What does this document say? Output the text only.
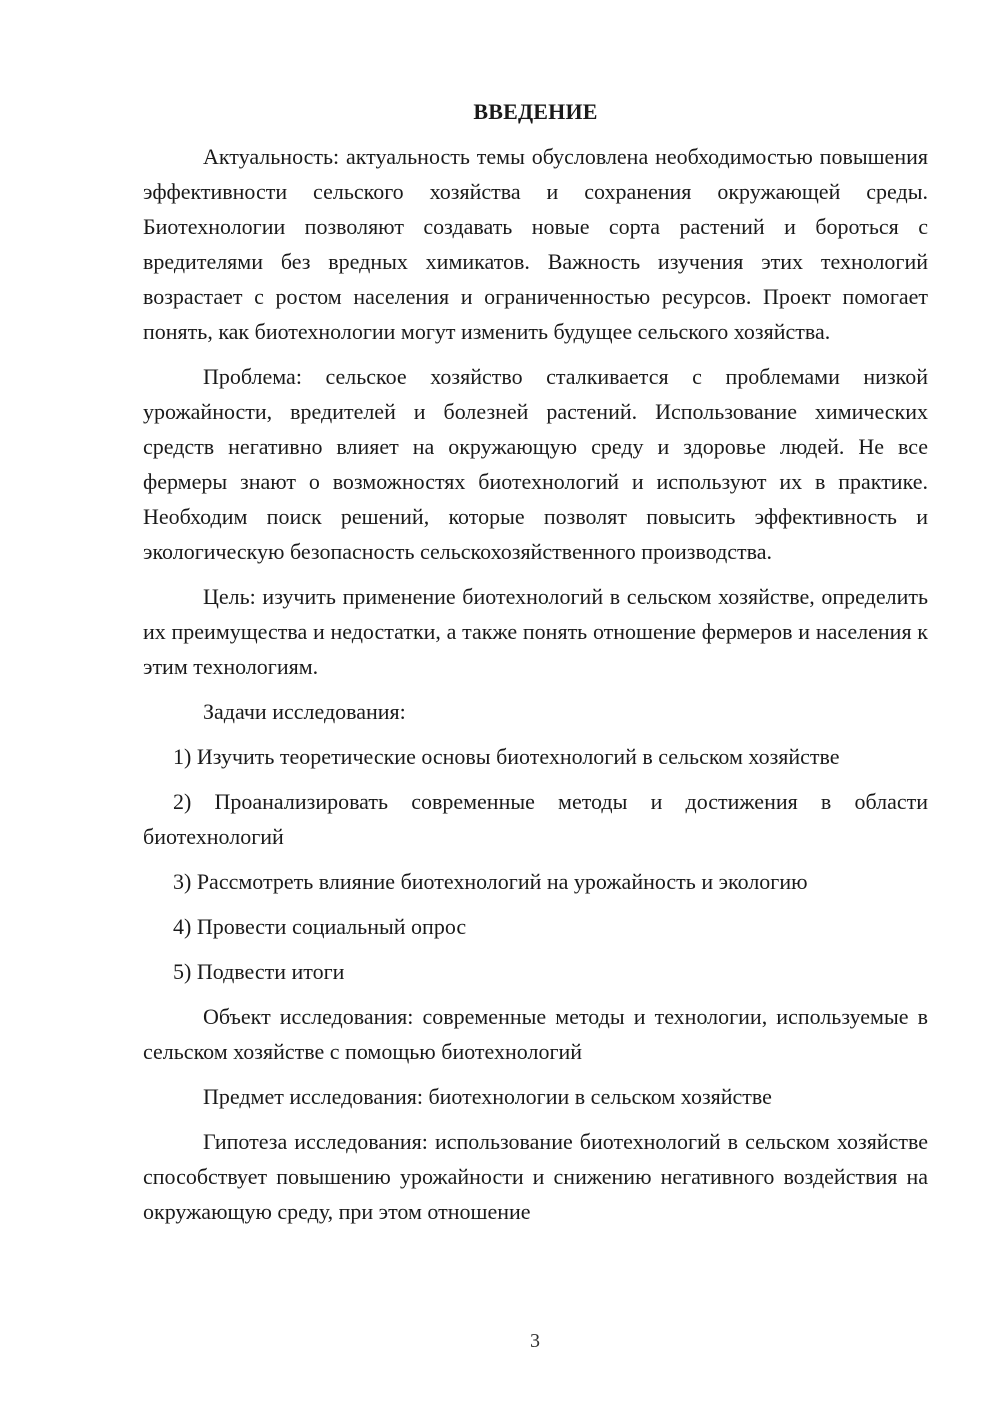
ВВЕДЕНИЕ

Актуальность: актуальность темы обусловлена необходимостью повышения эффективности сельского хозяйства и сохранения окружающей среды. Биотехнологии позволяют создавать новые сорта растений и бороться с вредителями без вредных химикатов. Важность изучения этих технологий возрастает с ростом населения и ограниченностью ресурсов. Проект помогает понять, как биотехнологии могут изменить будущее сельского хозяйства.

Проблема: сельское хозяйство сталкивается с проблемами низкой урожайности, вредителей и болезней растений. Использование химических средств негативно влияет на окружающую среду и здоровье людей. Не все фермеры знают о возможностях биотехнологий и используют их в практике. Необходим поиск решений, которые позволят повысить эффективность и экологическую безопасность сельскохозяйственного производства.

Цель: изучить применение биотехнологий в сельском хозяйстве, определить их преимущества и недостатки, а также понять отношение фермеров и населения к этим технологиям.

Задачи исследования:

1) Изучить теоретические основы биотехнологий в сельском хозяйстве

2) Проанализировать современные методы и достижения в области биотехнологий

3) Рассмотреть влияние биотехнологий на урожайность и экологию

4) Провести социальный опрос

5) Подвести итоги

Объект исследования: современные методы и технологии, используемые в сельском хозяйстве с помощью биотехнологий

Предмет исследования: биотехнологии в сельском хозяйстве

Гипотеза исследования: использование биотехнологий в сельском хозяйстве способствует повышению урожайности и снижению негативного воздействия на окружающую среду, при этом отношение

3
